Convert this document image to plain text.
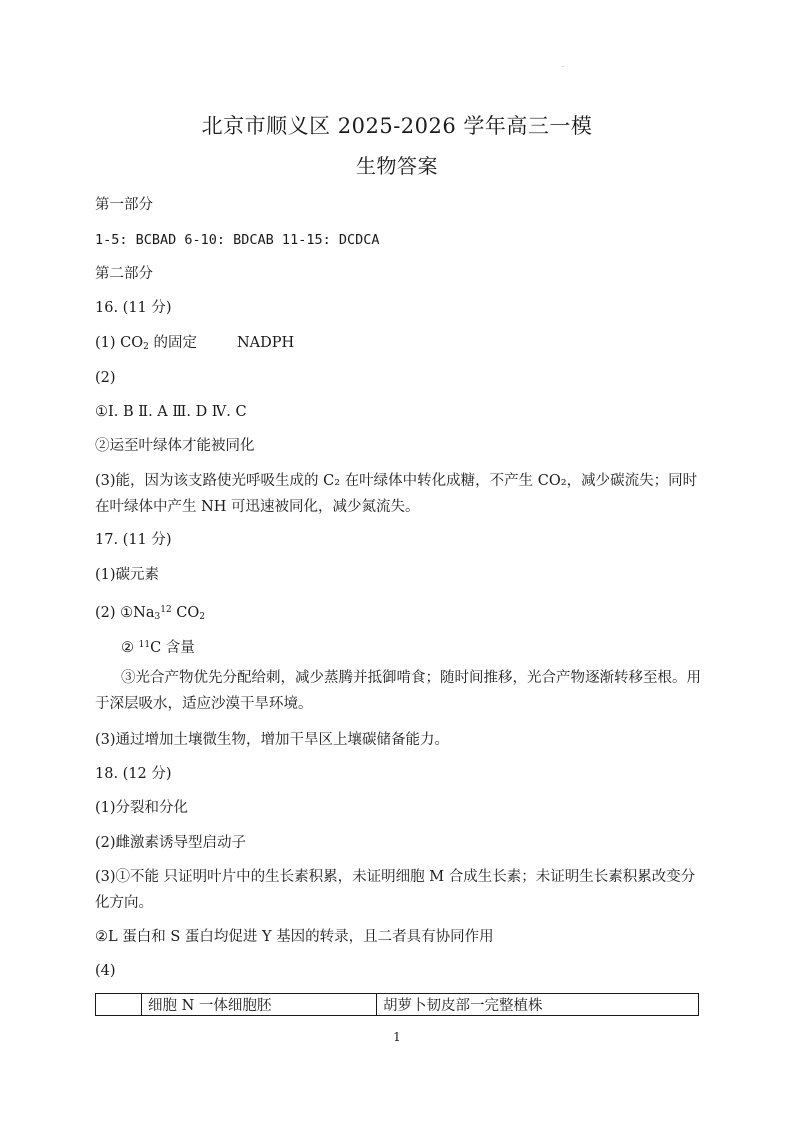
·
北京市顺义区 2025-2026 学年高三一模
生物答案
第一部分
1-5: BCBAD 6-10: BDCAB 11-15: DCDCA
第二部分
16. (11 分)
(1) $CO_2$ 的固定	NADPH
(2)
①Ⅰ. B Ⅱ. A Ⅲ. D Ⅳ. C
②运至叶绿体才能被同化
(3)能，因为该支路使光呼吸生成的 C₂ 在叶绿体中转化成糖，不产生 CO₂，减少碳流失；同时在叶绿体中产生 NH 可迅速被同化，减少氮流失。
17. (11 分)
(1)碳元素
(2) $①Na_3^{12}$ $CO_2$
② $^{11}$C 含量
③光合产物优先分配给刺，减少蒸腾并抵御啃食；随时间推移，光合产物逐渐转移至根。用于深层吸水，适应沙漠干旱环境。
(3)通过增加土壤微生物，增加干旱区上壤碳储备能力。
18. (12 分)
(1)分裂和分化
(2)雌激素诱导型启动子
(3)①不能 只证明叶片中的生长素积累，未证明细胞 M 合成生长素；未证明生长素积累改变分化方向。
②L 蛋白和 S 蛋白均促进 Y 基因的转录，且二者具有协同作用
(4)
	细胞 N 一体细胞胚	胡萝卜韧皮部一完整植株
1
